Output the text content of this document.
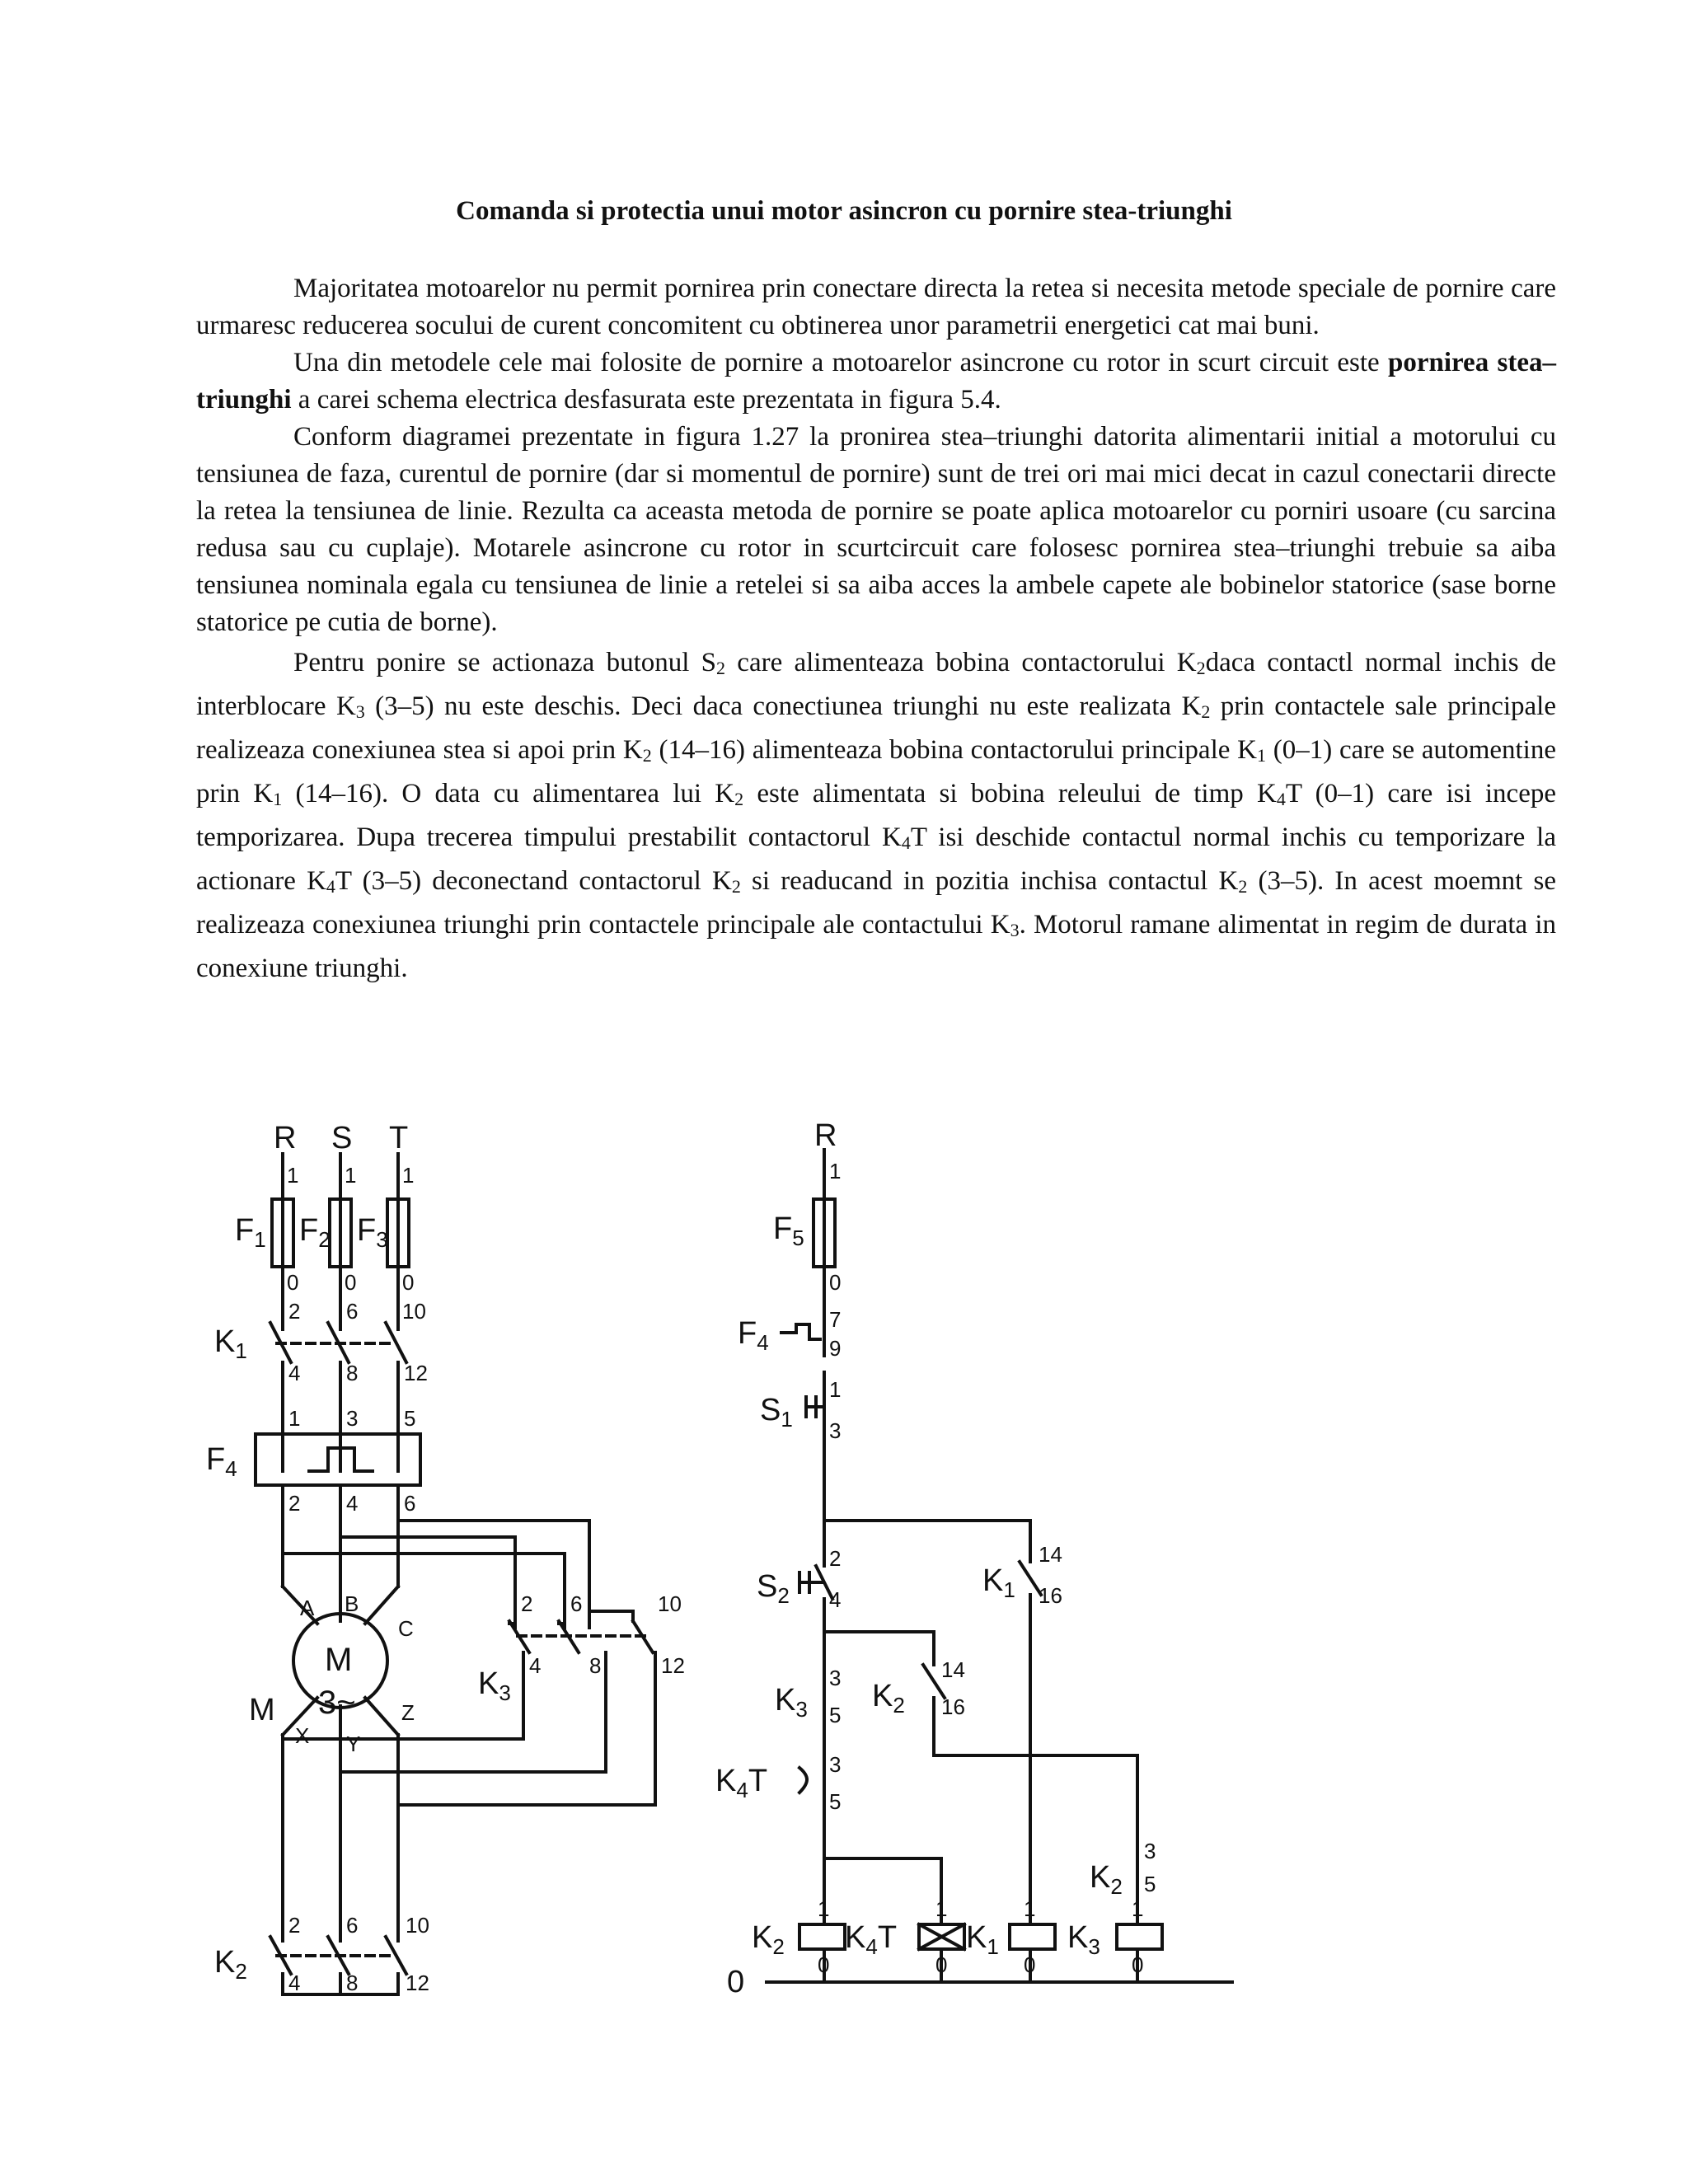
Comanda si protectia unui motor asincron cu pornire stea-triunghi

Majoritatea motoarelor nu permit pornirea prin conectare directa la retea si necesita metode speciale de pornire care urmaresc reducerea socului de curent concomitent cu obtinerea unor parametrii energetici cat mai buni.

Una din metodele cele mai folosite de pornire a motoarelor asincrone cu rotor in scurt circuit este pornirea stea–triunghi a carei schema electrica desfasurata este prezentata in figura 5.4.

Conform diagramei prezentate in figura 1.27 la pronirea stea–triunghi datorita alimentarii initial a motorului cu tensiunea de faza, curentul de pornire (dar si momentul de pornire) sunt de trei ori mai mici decat in cazul conectarii directe la retea la tensiunea de linie. Rezulta ca aceasta metoda de pornire se poate aplica motoarelor cu porniri usoare (cu sarcina redusa sau cu cuplaje). Motarele asincrone cu rotor in scurtcircuit care folosesc pornirea stea–triunghi trebuie sa aiba tensiunea nominala egala cu tensiunea de linie a retelei si sa aiba acces la ambele capete ale bobinelor statorice (sase borne statorice pe cutia de borne).

Pentru ponire se actionaza butonul $S_2$ care alimenteaza bobina contactorului $K_2daca$ contactl normal inchis de interblocare $K_3$ (3–5) nu este deschis. Deci daca conectiunea triunghi nu este realizata $K_2$ prin contactele sale principale realizeaza conexiunea stea si apoi prin $K_2$ (14–16) alimenteaza bobina contactorului principale $K_1$ (0–1) care se automentine prin $K_1$ (14–16). O data cu alimentarea lui $K_2$ este alimentata si bobina releului de timp $K_4T$ (0–1) care isi incepe temporizarea. Dupa trecerea timpului prestabilit contactorul $K_4T$ isi deschide contactul normal inchis cu temporizare la actionare $K_4T$ (3–5) deconectand contactorul $K_2$ si readucand in pozitia inchisa contactul $K_2$ (3–5). In acest moemnt se realizeaza conexiunea triunghi prin contactele principale ale contactului $K_3$. Motorul ramane alimentat in regim de durata in conexiune triunghi.

R S T
$F_1$ $F_2$ $F_3$
$K_1$
$F_4$
$K_3$
$K_2$
M
M
3~
A B
C
X Y
Z
1 1 1
0 0 0
2 6 10
4 8 12
1 3 5
2 4 6
2 6	10
4 8	12
2 6 10
4 8 12
R
$F_5$
$F_4$
$S_1$
$S_2$	$K_1$
$K_3$ $K_2$
$K_4T$
$K_2$
$K_2$ $K_4T$ $K_1$ $K_3$
0
1
0
7
9
1
3
2
4
14
16
3
5
14
16
3
5
3
5
1	1	1	1
0	0	0	0
